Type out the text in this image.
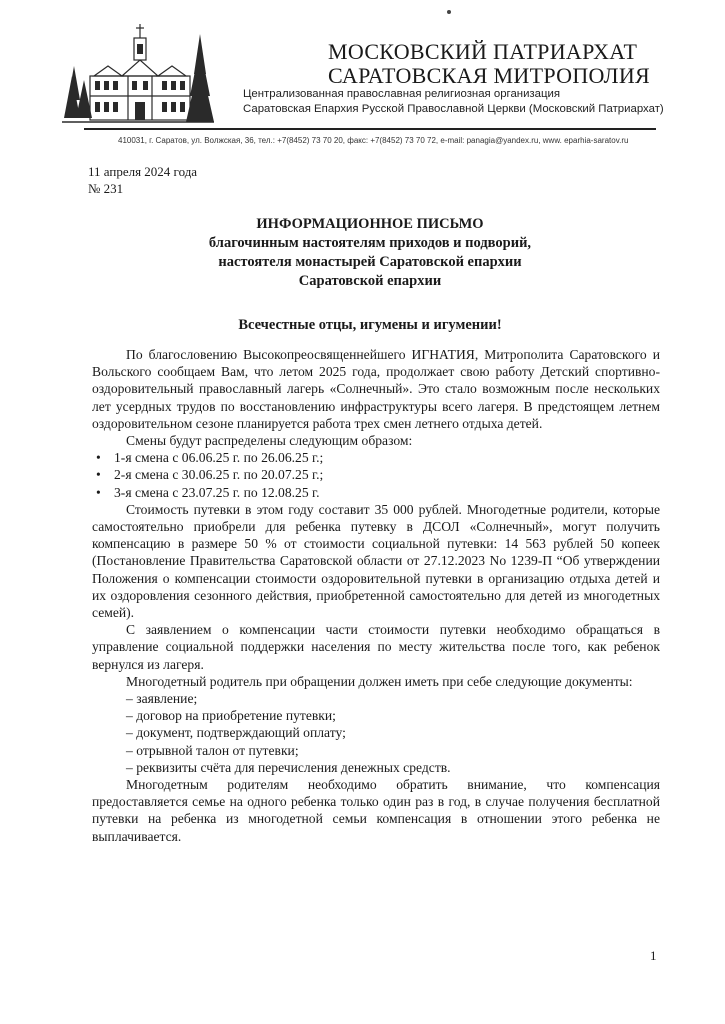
МОСКОВСКИЙ ПАТРИАРХАТ
САРАТОВСКАЯ МИТРОПОЛИЯ
Централизованная православная религиозная организация
Саратовская Епархия Русской Православной Церкви (Московский Патриархат)
410031, г. Саратов, ул. Волжская, 36, тел.: +7(8452) 73 70 20, факс: +7(8452) 73 70 72, e-mail: panagia@yandex.ru, www. eparhia-saratov.ru
11 апреля 2024 года
№ 231
ИНФОРМАЦИОННОЕ ПИСЬМО
благочинным настоятелям приходов и подворий,
настоятеля монастырей Саратовской епархии
Саратовской епархии
Всечестные отцы, игумены и игумении!

По благословению Высокопреосвященнейшего ИГНАТИЯ, Митрополита Саратовского и Вольского сообщаем Вам, что летом 2025 года, продолжает свою работу Детский спортивно-оздоровительный православный лагерь «Солнечный». Это стало возможным после нескольких лет усердных трудов по восстановлению инфраструктуры всего лагеря. В предстоящем летнем оздоровительном сезоне планируется работа трех смен летнего отдыха детей.

Смены будут распределены следующим образом:

• 1-я смена с 06.06.25 г. по 26.06.25 г.;
• 2-я смена с 30.06.25 г. по 20.07.25 г.;
• 3-я смена с 23.07.25 г. по 12.08.25 г.

Стоимость путевки в этом году составит 35 000 рублей. Многодетные родители, которые самостоятельно приобрели для ребенка путевку в ДСОЛ «Солнечный», могут получить компенсацию в размере 50 % от стоимости социальной путевки: 14 563 рублей 50 копеек (Постановление Правительства Саратовской области от 27.12.2023 No 1239-П “Об утверждении Положения о компенсации стоимости оздоровительной путевки в организацию отдыха детей и их оздоровления сезонного действия, приобретенной самостоятельно для детей из многодетных семей).

С заявлением о компенсации части стоимости путевки необходимо обращаться в управление социальной поддержки населения по месту жительства после того, как ребенок вернулся из лагеря.

Многодетный родитель при обращении должен иметь при себе следующие документы:

– заявление;
– договор на приобретение путевки;
– документ, подтверждающий оплату;
– отрывной талон от путевки;
– реквизиты счёта для перечисления денежных средств.

Многодетным родителям необходимо обратить внимание, что компенсация предоставляется семье на одного ребенка только один раз в год, в случае получения бесплатной путевки на ребенка из многодетной семьи компенсация в отношении этого ребенка не выплачивается.

1
